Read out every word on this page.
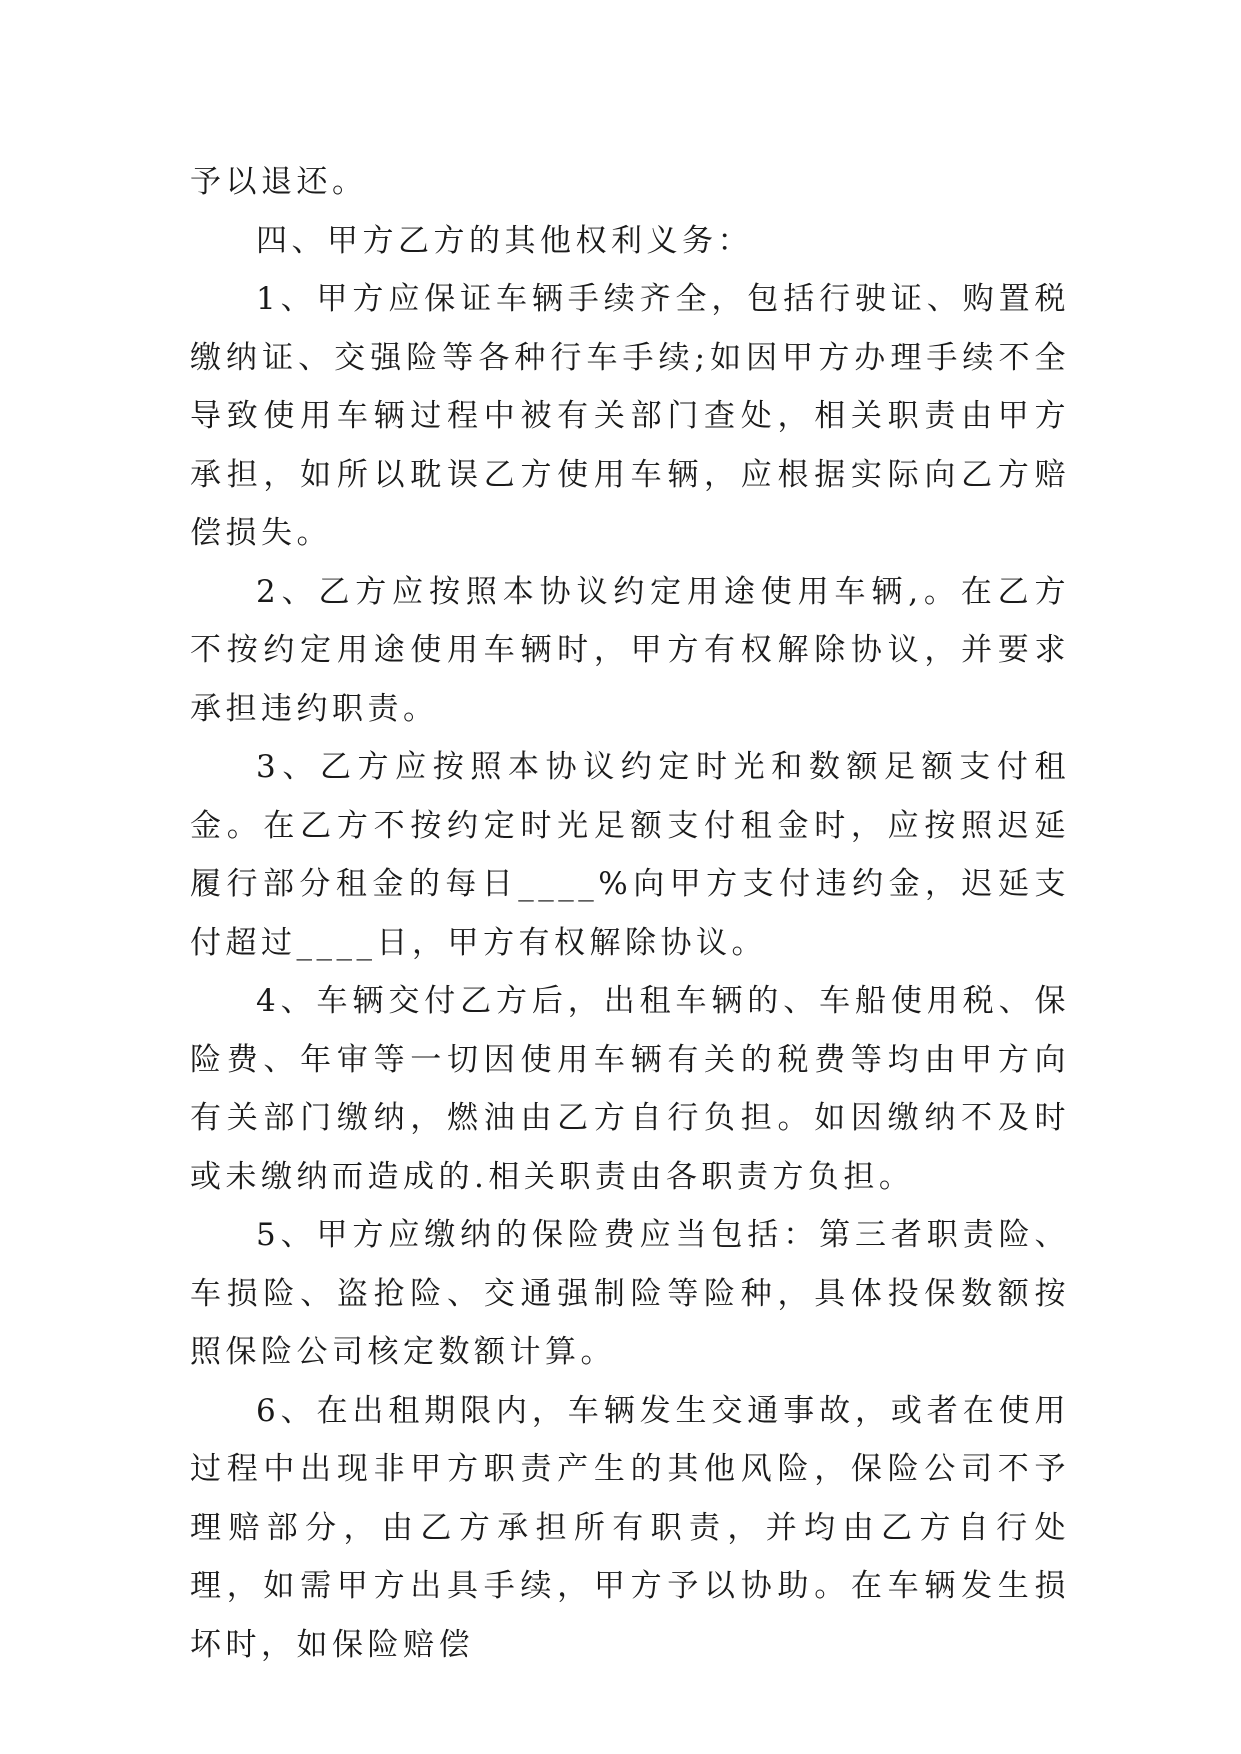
予以退还。

四、甲方乙方的其他权利义务：

1、甲方应保证车辆手续齐全，包括行驶证、购置税缴纳证、交强险等各种行车手续;如因甲方办理手续不全导致使用车辆过程中被有关部门查处，相关职责由甲方承担，如所以耽误乙方使用车辆，应根据实际向乙方赔偿损失。

2、乙方应按照本协议约定用途使用车辆,。在乙方不按约定用途使用车辆时，甲方有权解除协议，并要求承担违约职责。

3、乙方应按照本协议约定时光和数额足额支付租金。在乙方不按约定时光足额支付租金时，应按照迟延履行部分租金的每日____%向甲方支付违约金，迟延支付超过____日，甲方有权解除协议。

4、车辆交付乙方后，出租车辆的、车船使用税、保险费、年审等一切因使用车辆有关的税费等均由甲方向有关部门缴纳，燃油由乙方自行负担。如因缴纳不及时或未缴纳而造成的.相关职责由各职责方负担。

5、甲方应缴纳的保险费应当包括：第三者职责险、车损险、盗抢险、交通强制险等险种，具体投保数额按照保险公司核定数额计算。

6、在出租期限内，车辆发生交通事故，或者在使用过程中出现非甲方职责产生的其他风险，保险公司不予理赔部分，由乙方承担所有职责，并均由乙方自行处理，如需甲方出具手续，甲方予以协助。在车辆发生损坏时，如保险赔偿
